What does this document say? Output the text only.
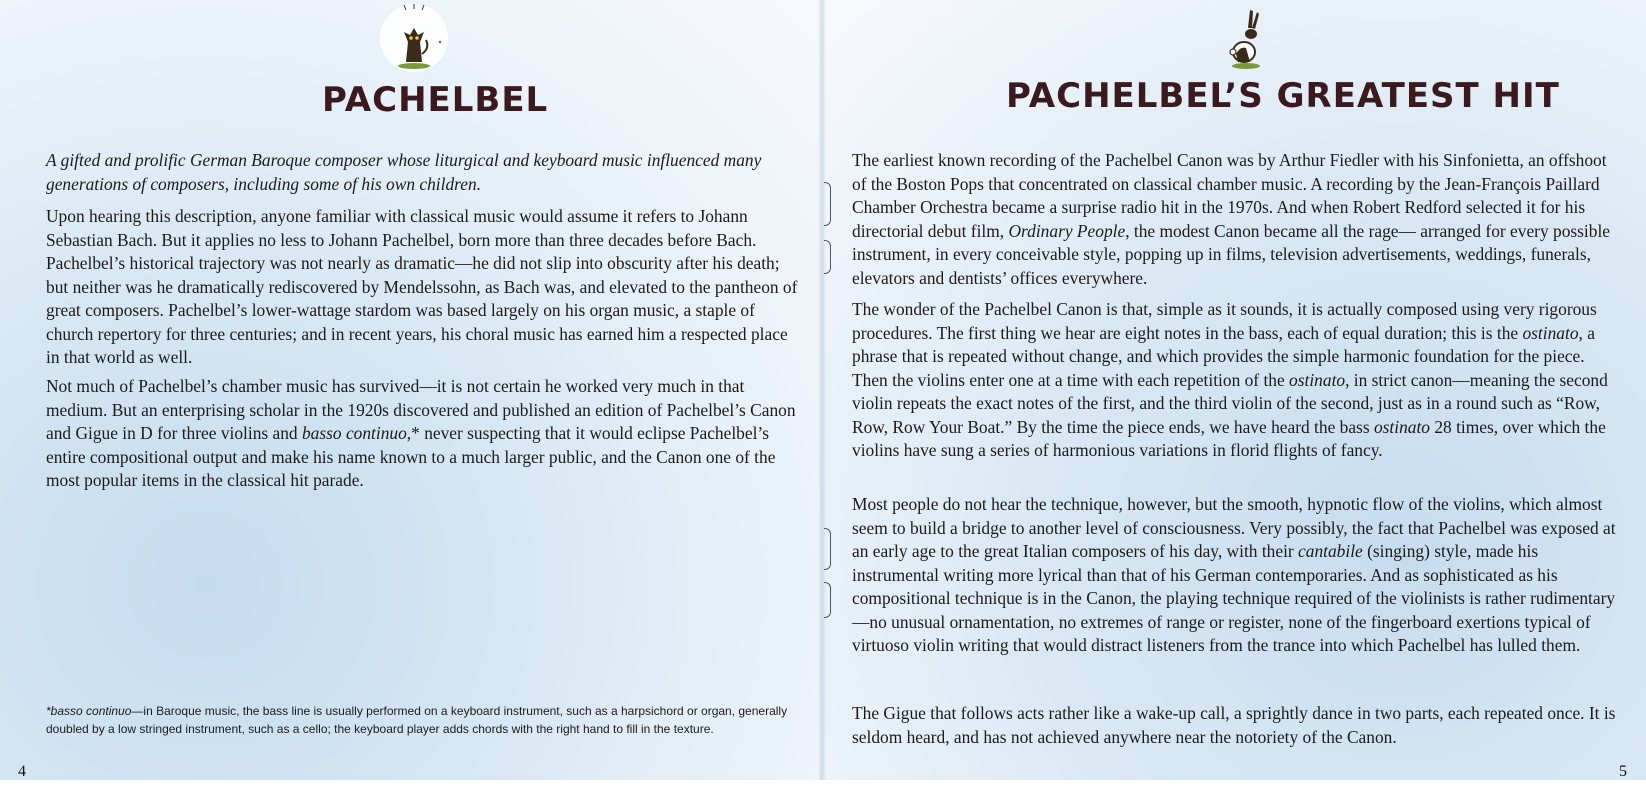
PACHELBEL

A gifted and prolific German Baroque composer whose liturgical and keyboard music influenced many generations of composers, including some of his own children.

Upon hearing this description, anyone familiar with classical music would assume it refers to Johann Sebastian Bach. But it applies no less to Johann Pachelbel, born more than three decades before Bach. Pachelbel’s historical trajectory was not nearly as dramatic—he did not slip into obscurity after his death; but neither was he dramatically rediscovered by Mendelssohn, as Bach was, and elevated to the pantheon of great composers. Pachelbel’s lower-wattage stardom was based largely on his organ music, a staple of church repertory for three centuries; and in recent years, his choral music has earned him a respected place in that world as well.

Not much of Pachelbel’s chamber music has survived—it is not certain he worked very much in that medium. But an enterprising scholar in the 1920s discovered and published an edition of Pachelbel’s Canon and Gigue in D for three violins and basso continuo,* never suspecting that it would eclipse Pachelbel’s entire compositional output and make his name known to a much larger public, and the Canon one of the most popular items in the classical hit parade.

*basso continuo—in Baroque music, the bass line is usually performed on a keyboard instrument, such as a harpsichord or organ, generally doubled by a low stringed instrument, such as a cello; the keyboard player adds chords with the right hand to fill in the texture.

4
PACHELBEL’S GREATEST HIT

The earliest known recording of the Pachelbel Canon was by Arthur Fiedler with his Sinfonietta, an offshoot of the Boston Pops that concentrated on classical chamber music. A recording by the Jean-François Paillard Chamber Orchestra became a surprise radio hit in the 1970s. And when Robert Redford selected it for his directorial debut film, Ordinary People, the modest Canon became all the rage— arranged for every possible instrument, in every conceivable style, popping up in films, television advertisements, weddings, funerals, elevators and dentists’ offices everywhere.

The wonder of the Pachelbel Canon is that, simple as it sounds, it is actually composed using very rigorous procedures. The first thing we hear are eight notes in the bass, each of equal duration; this is the ostinato, a phrase that is repeated without change, and which provides the simple harmonic foundation for the piece. Then the violins enter one at a time with each repetition of the ostinato, in strict canon—meaning the second violin repeats the exact notes of the first, and the third violin of the second, just as in a round such as “Row, Row, Row Your Boat.” By the time the piece ends, we have heard the bass ostinato 28 times, over which the violins have sung a series of harmonious variations in florid flights of fancy.

Most people do not hear the technique, however, but the smooth, hypnotic flow of the violins, which almost seem to build a bridge to another level of consciousness. Very possibly, the fact that Pachelbel was exposed at an early age to the great Italian composers of his day, with their cantabile (singing) style, made his instrumental writing more lyrical than that of his German contemporaries. And as sophisticated as his compositional technique is in the Canon, the playing technique required of the violinists is rather rudimentary—no unusual ornamentation, no extremes of range or register, none of the fingerboard exertions typical of virtuoso violin writing that would distract listeners from the trance into which Pachelbel has lulled them.

The Gigue that follows acts rather like a wake-up call, a sprightly dance in two parts, each repeated once. It is seldom heard, and has not achieved anywhere near the notoriety of the Canon.

5
